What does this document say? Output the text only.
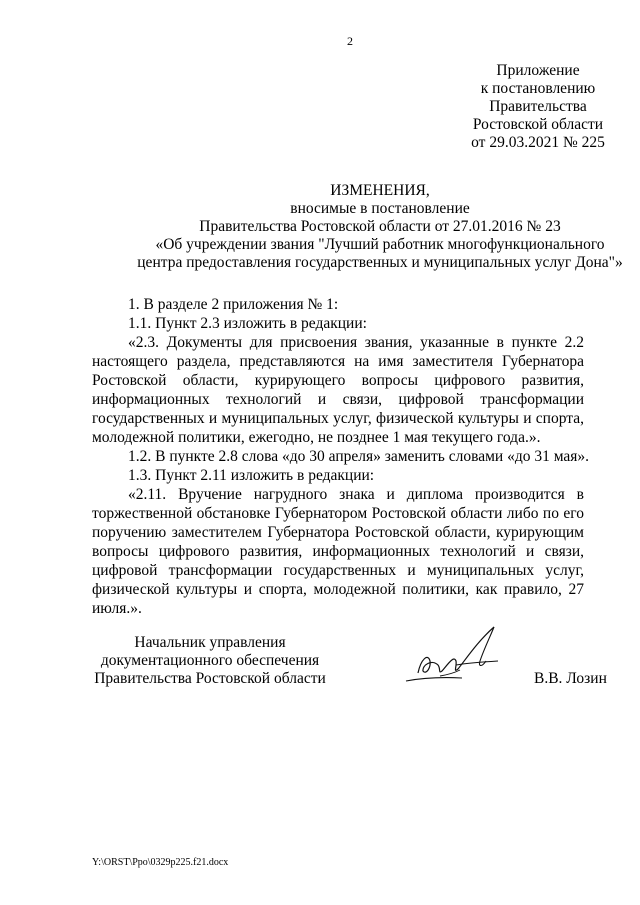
2
Приложение
к постановлению
Правительства
Ростовской области
от 29.03.2021 № 225
ИЗМЕНЕНИЯ,
вносимые в постановление
Правительства Ростовской области от 27.01.2016 № 23
«Об учреждении звания "Лучший работник многофункционального
центра предоставления государственных и муниципальных услуг Дона"»

1. В разделе 2 приложения № 1:

1.1. Пункт 2.3 изложить в редакции:

«2.3. Документы для присвоения звания, указанные в пункте 2.2 настоящего раздела, представляются на имя заместителя Губернатора Ростовской области, курирующего вопросы цифрового развития, информационных технологий и связи, цифровой трансформации государственных и муниципальных услуг, физической культуры и спорта, молодежной политики, ежегодно, не позднее 1 мая текущего года.».

1.2. В пункте 2.8 слова «до 30 апреля» заменить словами «до 31 мая».

1.3. Пункт 2.11 изложить в редакции:

«2.11. Вручение нагрудного знака и диплома производится в торжественной обстановке Губернатором Ростовской области либо по его поручению заместителем Губернатора Ростовской области, курирующим вопросы цифрового развития, информационных технологий и связи, цифровой трансформации государственных и муниципальных услуг, физической культуры и спорта, молодежной политики, как правило, 27 июля.».

Начальник управления
документационного обеспечения
Правительства Ростовской области	В.В. Лозин
Y:\ORST\Ppo\0329p225.f21.docx
